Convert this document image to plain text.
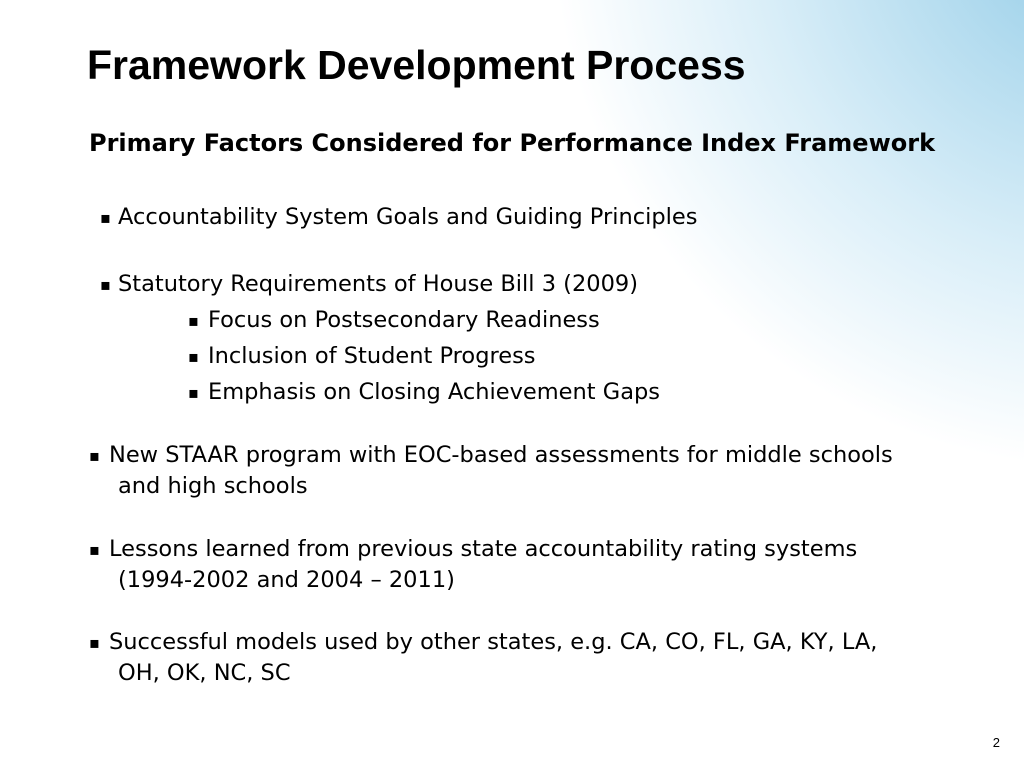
Framework Development Process
Primary Factors Considered for Performance Index Framework
▪ Accountability System Goals and Guiding Principles

▪ Statutory Requirements of House Bill 3 (2009)

▪ Focus on Postsecondary Readiness

▪ Inclusion of Student Progress

▪ Emphasis on Closing Achievement Gaps

▪ New STAAR program with EOC-based assessments for middle schools

and high schools

▪ Lessons learned from previous state accountability rating systems

(1994-2002 and 2004 – 2011)

▪ Successful models used by other states, e.g. CA, CO, FL, GA, KY, LA,

OH, OK, NC, SC

2
